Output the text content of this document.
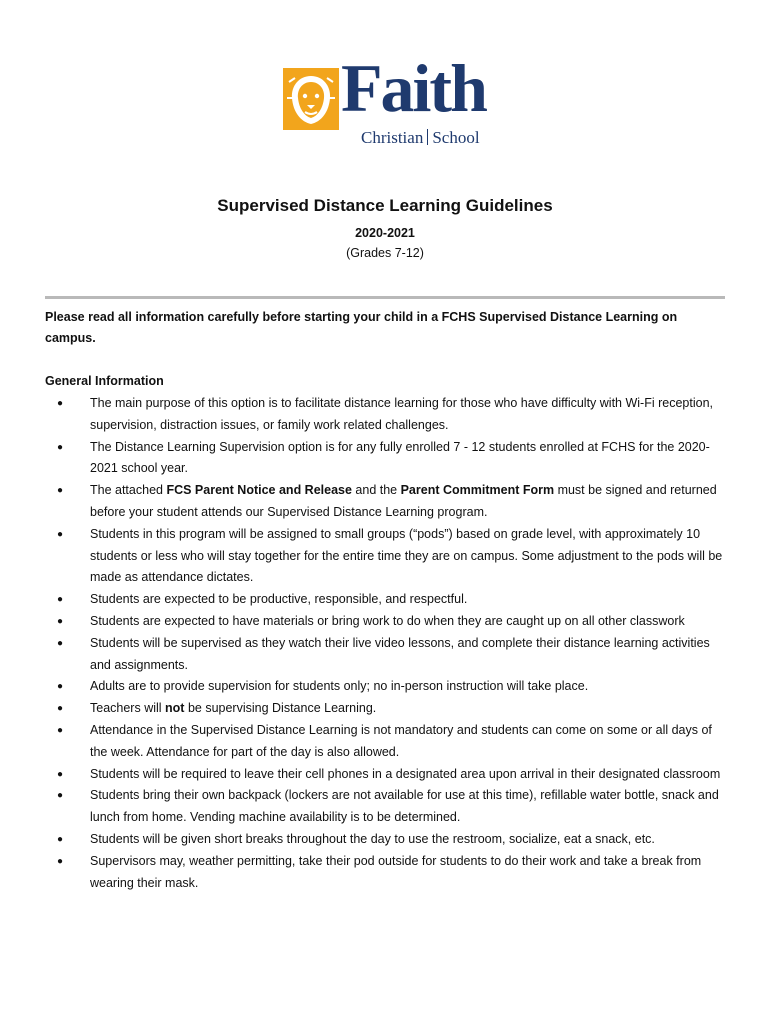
Faith
Christian School
Supervised Distance Learning Guidelines
2020-2021
(Grades 7-12)

Please read all information carefully before starting your child in a FCHS Supervised Distance Learning on campus.

General Information
● The main purpose of this option is to facilitate distance learning for those who have difficulty with Wi-Fi reception, supervision, distraction issues, or family work related challenges.
● The Distance Learning Supervision option is for any fully enrolled 7 - 12 students enrolled at FCHS for the 2020-2021 school year.
● The attached FCS Parent Notice and Release and the Parent Commitment Form must be signed and returned before your student attends our Supervised Distance Learning program.
● Students in this program will be assigned to small groups (“pods”) based on grade level, with approximately 10 students or less who will stay together for the entire time they are on campus. Some adjustment to the pods will be made as attendance dictates.
● Students are expected to be productive, responsible, and respectful.
● Students are expected to have materials or bring work to do when they are caught up on all other classwork
● Students will be supervised as they watch their live video lessons, and complete their distance learning activities and assignments.
● Adults are to provide supervision for students only; no in-person instruction will take place.
● Teachers will not be supervising Distance Learning.
● Attendance in the Supervised Distance Learning is not mandatory and students can come on some or all days of the week. Attendance for part of the day is also allowed.
● Students will be required to leave their cell phones in a designated area upon arrival in their designated classroom
● Students bring their own backpack (lockers are not available for use at this time), refillable water bottle, snack and lunch from home. Vending machine availability is to be determined.
● Students will be given short breaks throughout the day to use the restroom, socialize, eat a snack, etc.
● Supervisors may, weather permitting, take their pod outside for students to do their work and take a break from wearing their mask.
